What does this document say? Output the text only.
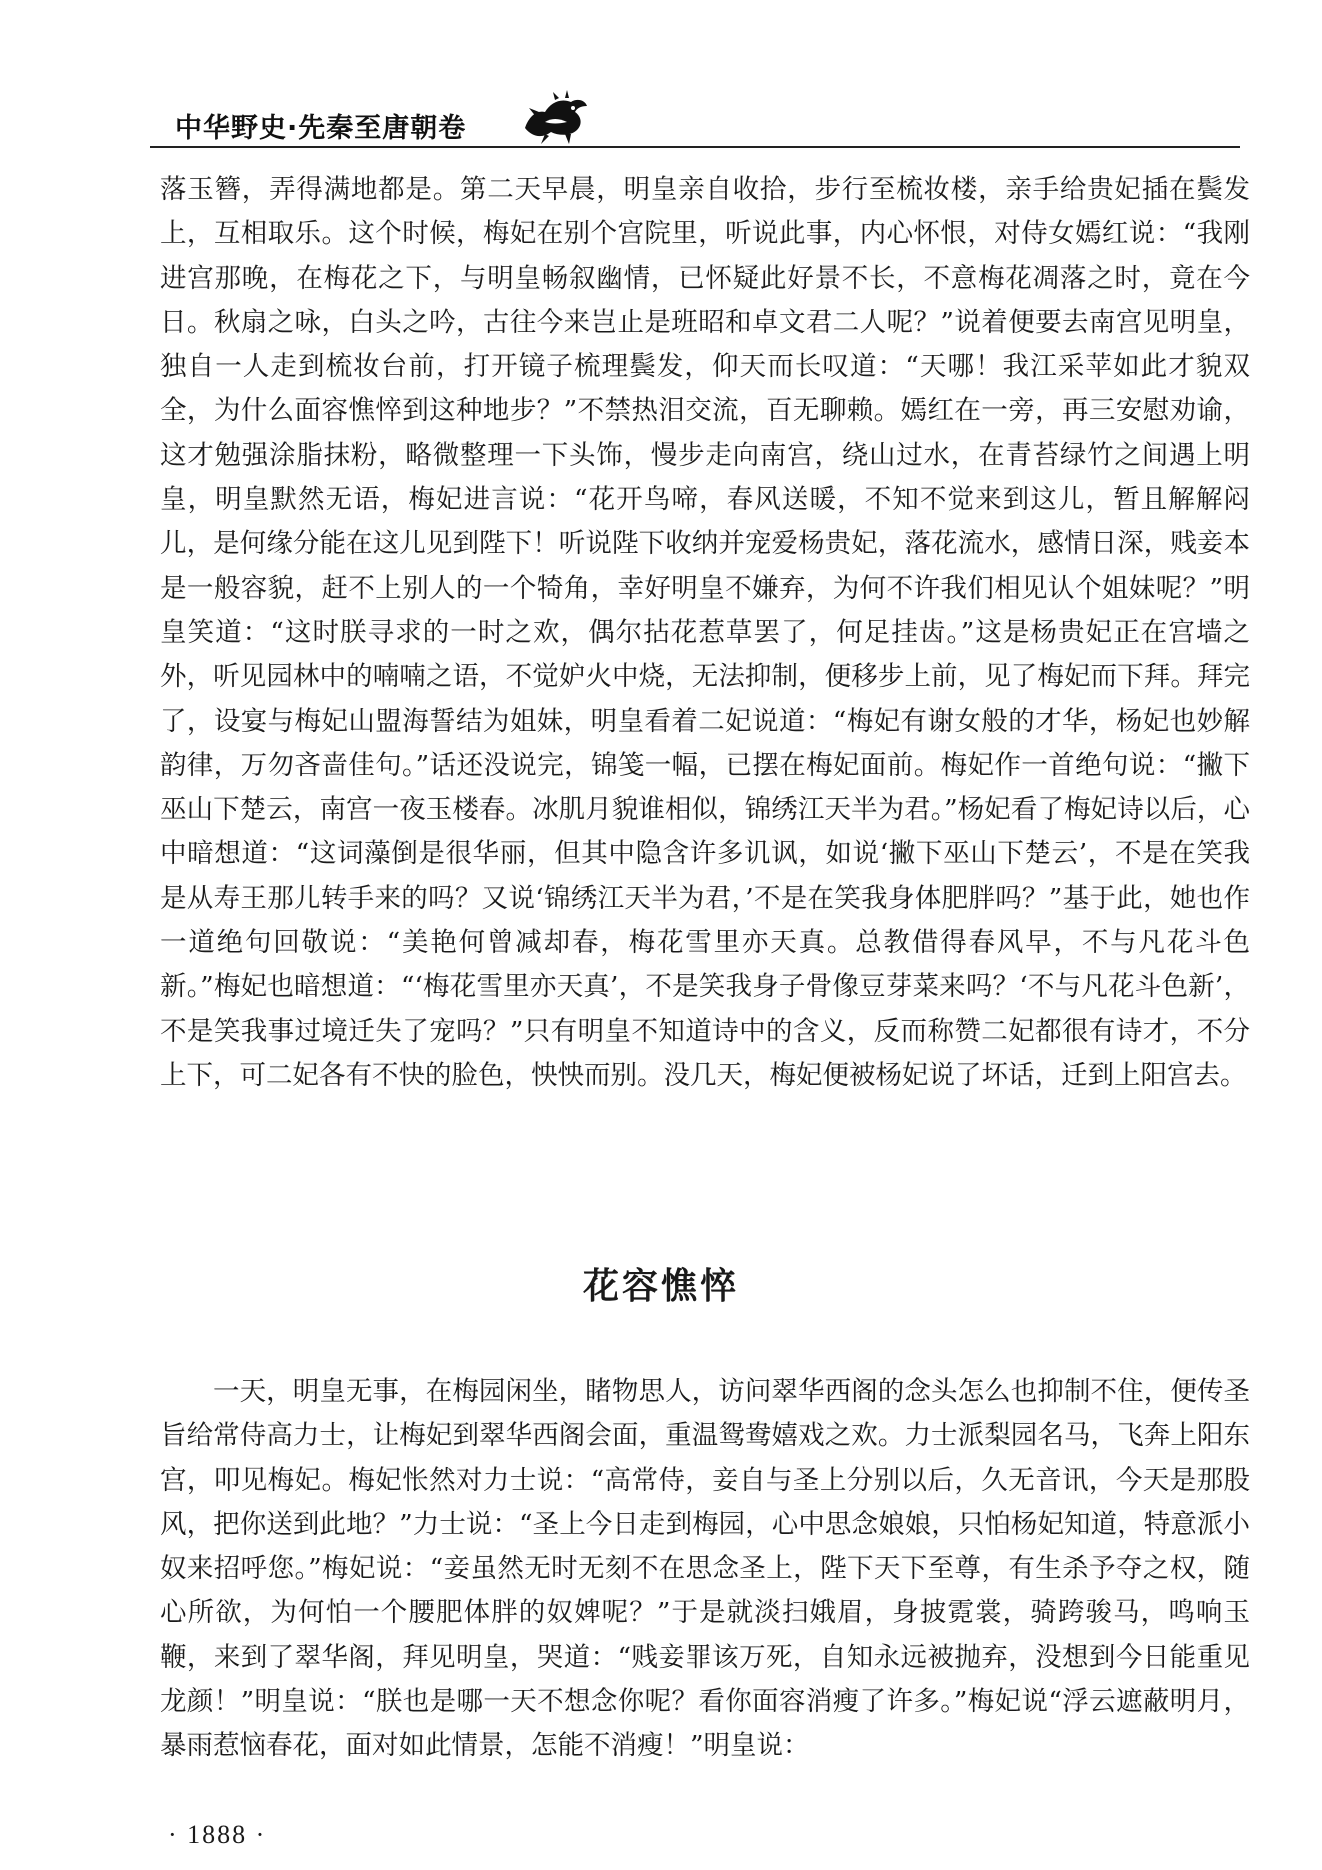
中华野史·先秦至唐朝卷

落玉簪，弄得满地都是。第二天早晨，明皇亲自收拾，步行至梳妆楼，亲手给贵妃插在鬓发上，互相取乐。这个时候，梅妃在别个宫院里，听说此事，内心怀恨，对侍女嫣红说：“我刚进宫那晚，在梅花之下，与明皇畅叙幽情，已怀疑此好景不长，不意梅花凋落之时，竟在今日。秋扇之咏，白头之吟，古往今来岂止是班昭和卓文君二人呢？”说着便要去南宫见明皇，独自一人走到梳妆台前，打开镜子梳理鬓发，仰天而长叹道：“天哪！我江采苹如此才貌双全，为什么面容憔悴到这种地步？”不禁热泪交流，百无聊赖。嫣红在一旁，再三安慰劝谕，这才勉强涂脂抹粉，略微整理一下头饰，慢步走向南宫，绕山过水，在青苔绿竹之间遇上明皇，明皇默然无语，梅妃进言说：“花开鸟啼，春风送暖，不知不觉来到这儿，暂且解解闷儿，是何缘分能在这儿见到陛下！听说陛下收纳并宠爱杨贵妃，落花流水，感情日深，贱妾本是一般容貌，赶不上别人的一个犄角，幸好明皇不嫌弃，为何不许我们相见认个姐妹呢？”明皇笑道：“这时朕寻求的一时之欢，偶尔拈花惹草罢了，何足挂齿。”这是杨贵妃正在宫墙之外，听见园林中的喃喃之语，不觉妒火中烧，无法抑制，便移步上前，见了梅妃而下拜。拜完了，设宴与梅妃山盟海誓结为姐妹，明皇看着二妃说道：“梅妃有谢女般的才华，杨妃也妙解韵律，万勿吝啬佳句。”话还没说完，锦笺一幅，已摆在梅妃面前。梅妃作一首绝句说：“撇下巫山下楚云，南宫一夜玉楼春。冰肌月貌谁相似，锦绣江天半为君。”杨妃看了梅妃诗以后，心中暗想道：“这词藻倒是很华丽，但其中隐含许多讥讽，如说‘撇下巫山下楚云’，不是在笑我是从寿王那儿转手来的吗？又说‘锦绣江天半为君，’不是在笑我身体肥胖吗？”基于此，她也作一道绝句回敬说：“美艳何曾减却春，梅花雪里亦天真。总教借得春风早，不与凡花斗色新。”梅妃也暗想道：“‘梅花雪里亦天真’，不是笑我身子骨像豆芽菜来吗？‘不与凡花斗色新’，不是笑我事过境迁失了宠吗？”只有明皇不知道诗中的含义，反而称赞二妃都很有诗才，不分上下，可二妃各有不快的脸色，怏怏而别。没几天，梅妃便被杨妃说了坏话，迁到上阳宫去。

花容憔悴

一天，明皇无事，在梅园闲坐，睹物思人，访问翠华西阁的念头怎么也抑制不住，便传圣旨给常侍高力士，让梅妃到翠华西阁会面，重温鸳鸯嬉戏之欢。力士派梨园名马，飞奔上阳东宫，叩见梅妃。梅妃怅然对力士说：“高常侍，妾自与圣上分别以后，久无音讯，今天是那股风，把你送到此地？”力士说：“圣上今日走到梅园，心中思念娘娘，只怕杨妃知道，特意派小奴来招呼您。”梅妃说：“妾虽然无时无刻不在思念圣上，陛下天下至尊，有生杀予夺之权，随心所欲，为何怕一个腰肥体胖的奴婢呢？”于是就淡扫娥眉，身披霓裳，骑跨骏马，鸣响玉鞭，来到了翠华阁，拜见明皇，哭道：“贱妾罪该万死，自知永远被抛弃，没想到今日能重见龙颜！”明皇说：“朕也是哪一天不想念你呢？看你面容消瘦了许多。”梅妃说“浮云遮蔽明月，暴雨惹恼春花，面对如此情景，怎能不消瘦！”明皇说：

· 1888 ·
